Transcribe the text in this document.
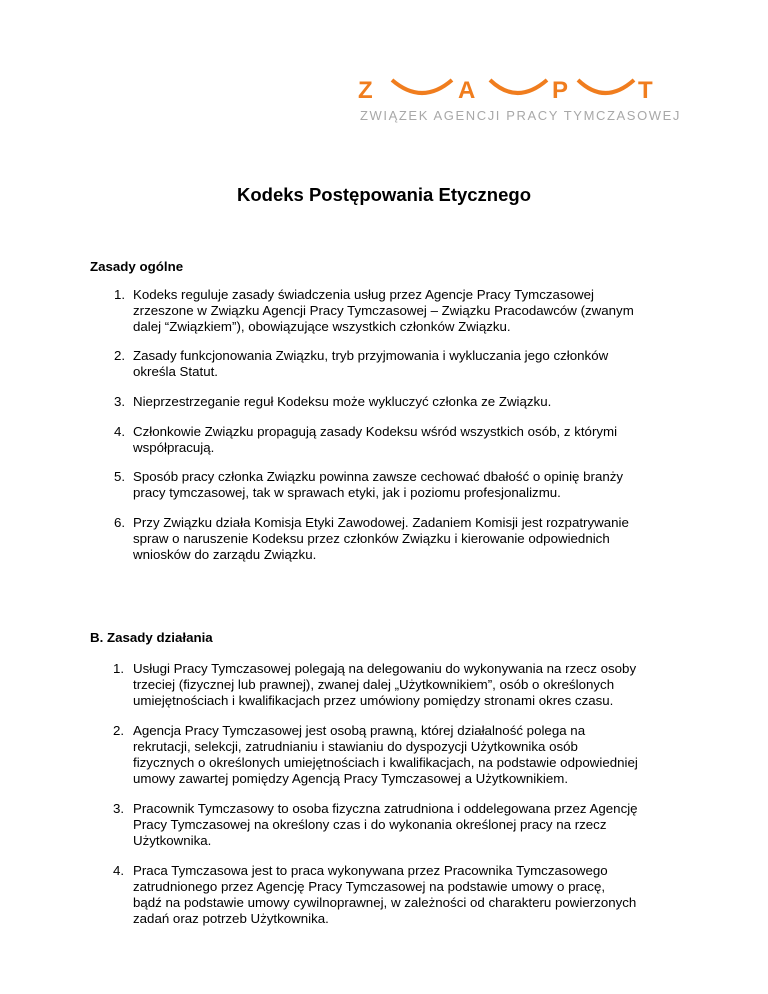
Z	A	P	T
ZWIĄZEK AGENCJI PRACY TYMCZASOWEJ
Kodeks Postępowania Etycznego
Zasady ogólne
1. Kodeks reguluje zasady świadczenia usług przez Agencje Pracy Tymczasowej
zrzeszone w Związku Agencji Pracy Tymczasowej – Związku Pracodawców (zwanym
dalej “Związkiem”), obowiązujące wszystkich członków Związku.
2. Zasady funkcjonowania Związku, tryb przyjmowania i wykluczania jego członków
określa Statut.
3. Nieprzestrzeganie reguł Kodeksu może wykluczyć członka ze Związku.
4. Członkowie Związku propagują zasady Kodeksu wśród wszystkich osób, z którymi
współpracują.
5. Sposób pracy członka Związku powinna zawsze cechować dbałość o opinię branży
pracy tymczasowej, tak w sprawach etyki, jak i poziomu profesjonalizmu.
6. Przy Związku działa Komisja Etyki Zawodowej. Zadaniem Komisji jest rozpatrywanie
spraw o naruszenie Kodeksu przez członków Związku i kierowanie odpowiednich
wniosków do zarządu Związku.
B. Zasady działania
1. Usługi Pracy Tymczasowej polegają na delegowaniu do wykonywania na rzecz osoby
trzeciej (fizycznej lub prawnej), zwanej dalej „Użytkownikiem”, osób o określonych
umiejętnościach i kwalifikacjach przez umówiony pomiędzy stronami okres czasu.
2. Agencja Pracy Tymczasowej jest osobą prawną, której działalność polega na
rekrutacji, selekcji, zatrudnianiu i stawianiu do dyspozycji Użytkownika osób
fizycznych o określonych umiejętnościach i kwalifikacjach, na podstawie odpowiedniej
umowy zawartej pomiędzy Agencją Pracy Tymczasowej a Użytkownikiem.
3. Pracownik Tymczasowy to osoba fizyczna zatrudniona i oddelegowana przez Agencję
Pracy Tymczasowej na określony czas i do wykonania określonej pracy na rzecz
Użytkownika.
4. Praca Tymczasowa jest to praca wykonywana przez Pracownika Tymczasowego
zatrudnionego przez Agencję Pracy Tymczasowej na podstawie umowy o pracę,
bądź na podstawie umowy cywilnoprawnej, w zależności od charakteru powierzonych
zadań oraz potrzeb Użytkownika.
